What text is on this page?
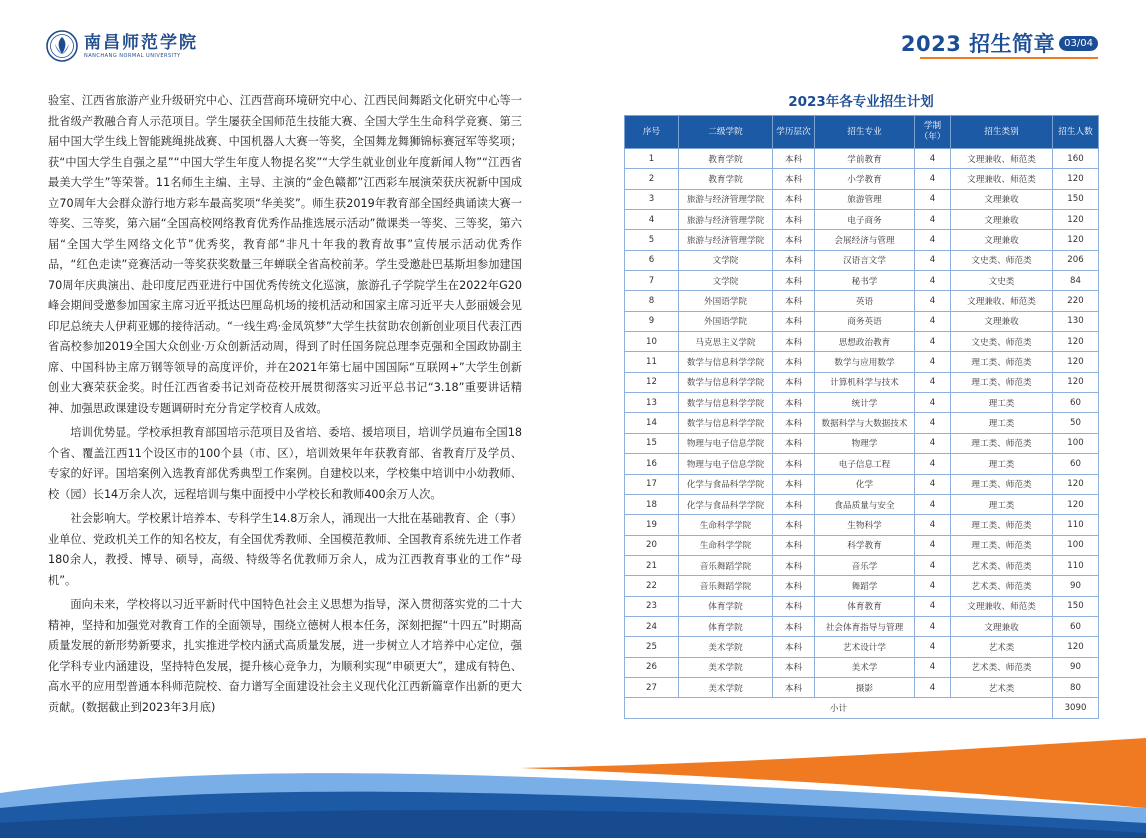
南昌师范学院
NANCHANG NORMAL UNIVERSITY	2023 招生简章 03/04

验室、江西省旅游产业升级研究中心、江西营商环境研究中心、江西民间舞蹈文化研究中心等一批省级产教融合育人示范项目。学生屡获全国师范生技能大赛、全国大学生生命科学竞赛、第三届中国大学生线上智能跳绳挑战赛、中国机器人大赛一等奖，全国舞龙舞狮锦标赛冠军等奖项；获“中国大学生自强之星”“中国大学生年度人物提名奖”“大学生就业创业年度新闻人物”“江西省最美大学生”等荣誉。11名师生主编、主导、主演的“金色赣都”江西彩车展演荣获庆祝新中国成立70周年大会群众游行地方彩车最高奖项“华美奖”。师生获2019年教育部全国经典诵读大赛一等奖、三等奖，第六届“全国高校网络教育优秀作品推选展示活动”微课类一等奖、三等奖，第六届“全国大学生网络文化节”优秀奖，教育部“非凡十年我的教育故事”宣传展示活动优秀作品，“红色走读”竞赛活动一等奖获奖数量三年蝉联全省高校前茅。学生受邀赴巴基斯坦参加建国70周年庆典演出、赴印度尼西亚进行中国优秀传统文化巡演，旅游孔子学院学生在2022年G20峰会期间受邀参加国家主席习近平抵达巴厘岛机场的接机活动和国家主席习近平夫人彭丽媛会见印尼总统夫人伊莉亚娜的接待活动。“一线生鸡·金凤筑梦”大学生扶贫助农创新创业项目代表江西省高校参加2019全国大众创业·万众创新活动周，得到了时任国务院总理李克强和全国政协副主席、中国科协主席万钢等领导的高度评价，并在2021年第七届中国国际“互联网+”大学生创新创业大赛荣获金奖。时任江西省委书记刘奇莅校开展贯彻落实习近平总书记“3.18”重要讲话精神、加强思政课建设专题调研时充分肯定学校育人成效。

培训优势显。学校承担教育部国培示范项目及省培、委培、援培项目，培训学员遍布全国18个省、覆盖江西11个设区市的100个县（市、区），培训效果年年获教育部、省教育厅及学员、专家的好评。国培案例入选教育部优秀典型工作案例。自建校以来，学校集中培训中小幼教师、校（园）长14万余人次，远程培训与集中面授中小学校长和教师400余万人次。

社会影响大。学校累计培养本、专科学生14.8万余人，涌现出一大批在基础教育、企（事）业单位、党政机关工作的知名校友，有全国优秀教师、全国模范教师、全国教育系统先进工作者180余人，教授、博导、硕导，高级、特级等名优教师万余人，成为江西教育事业的工作“母机”。

面向未来，学校将以习近平新时代中国特色社会主义思想为指导，深入贯彻落实党的二十大精神，坚持和加强党对教育工作的全面领导，围绕立德树人根本任务，深刻把握“十四五”时期高质量发展的新形势新要求，扎实推进学校内涵式高质量发展，进一步树立人才培养中心定位，强化学科专业内涵建设，坚持特色发展，提升核心竞争力，为顺利实现“申硕更大”，建成有特色、高水平的应用型普通本科师范院校、奋力谱写全面建设社会主义现代化江西新篇章作出新的更大贡献。(数据截止到2023年3月底)

2023年各专业招生计划
序号	二级学院	学历层次	招生专业	学制（年）	招生类别	招生人数
1	教育学院	本科	学前教育	4	文理兼收、师范类	160
2	教育学院	本科	小学教育	4	文理兼收、师范类	120
3	旅游与经济管理学院	本科	旅游管理	4	文理兼收	150
4	旅游与经济管理学院	本科	电子商务	4	文理兼收	120
5	旅游与经济管理学院	本科	会展经济与管理	4	文理兼收	120
6	文学院	本科	汉语言文学	4	文史类、师范类	206
7	文学院	本科	秘书学	4	文史类	84
8	外国语学院	本科	英语	4	文理兼收、师范类	220
9	外国语学院	本科	商务英语	4	文理兼收	130
10	马克思主义学院	本科	思想政治教育	4	文史类、师范类	120
11	数学与信息科学学院	本科	数学与应用数学	4	理工类、师范类	120
12	数学与信息科学学院	本科	计算机科学与技术	4	理工类、师范类	120
13	数学与信息科学学院	本科	统计学	4	理工类	60
14	数学与信息科学学院	本科	数据科学与大数据技术	4	理工类	50
15	物理与电子信息学院	本科	物理学	4	理工类、师范类	100
16	物理与电子信息学院	本科	电子信息工程	4	理工类	60
17	化学与食品科学学院	本科	化学	4	理工类、师范类	120
18	化学与食品科学学院	本科	食品质量与安全	4	理工类	120
19	生命科学学院	本科	生物科学	4	理工类、师范类	110
20	生命科学学院	本科	科学教育	4	理工类、师范类	100
21	音乐舞蹈学院	本科	音乐学	4	艺术类、师范类	110
22	音乐舞蹈学院	本科	舞蹈学	4	艺术类、师范类	90
23	体育学院	本科	体育教育	4	文理兼收、师范类	150
24	体育学院	本科	社会体育指导与管理	4	文理兼收	60
25	美术学院	本科	艺术设计学	4	艺术类	120
26	美术学院	本科	美术学	4	艺术类、师范类	90
27	美术学院	本科	摄影	4	艺术类	80
小计						3090
